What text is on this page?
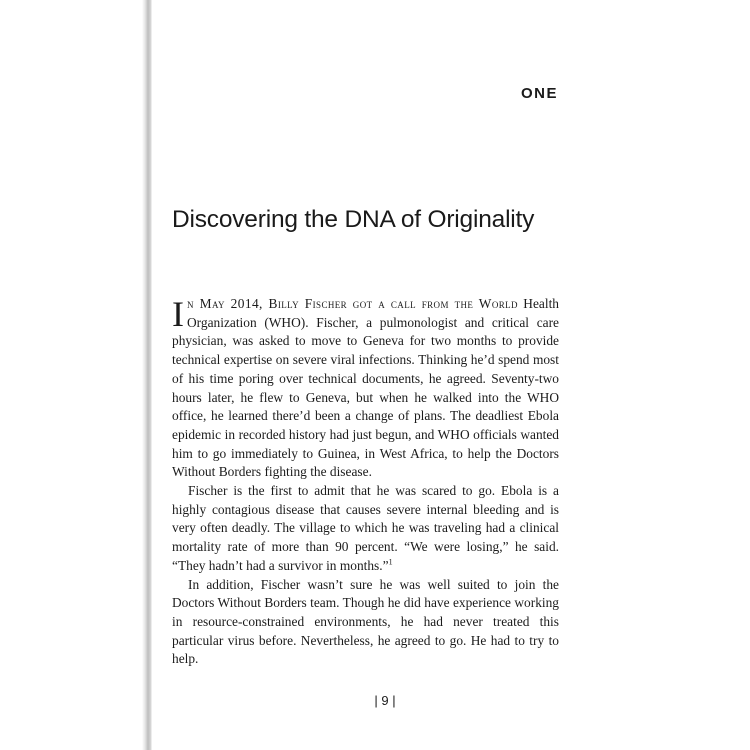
ONE
Discovering the DNA of Originality

In May 2014, Billy Fischer got a call from the World Health Organization (WHO). Fischer, a pulmonologist and critical care physician, was asked to move to Geneva for two months to provide technical expertise on severe viral infections. Thinking he’d spend most of his time poring over technical documents, he agreed. Seventy-two hours later, he flew to Geneva, but when he walked into the WHO office, he learned there’d been a change of plans. The deadliest Ebola epidemic in recorded history had just begun, and WHO officials wanted him to go immediately to Guinea, in West Africa, to help the Doctors Without Borders fighting the disease.

Fischer is the first to admit that he was scared to go. Ebola is a highly contagious disease that causes severe internal bleeding and is very often deadly. The village to which he was traveling had a clinical mortality rate of more than 90 percent. “We were losing,” he said. “They hadn’t had a survivor in months.”$^1$

In addition, Fischer wasn’t sure he was well suited to join the Doctors Without Borders team. Though he did have experience working in resource-constrained environments, he had never treated this particular virus before. Nevertheless, he agreed to go. He had to try to help.

| 9 |
